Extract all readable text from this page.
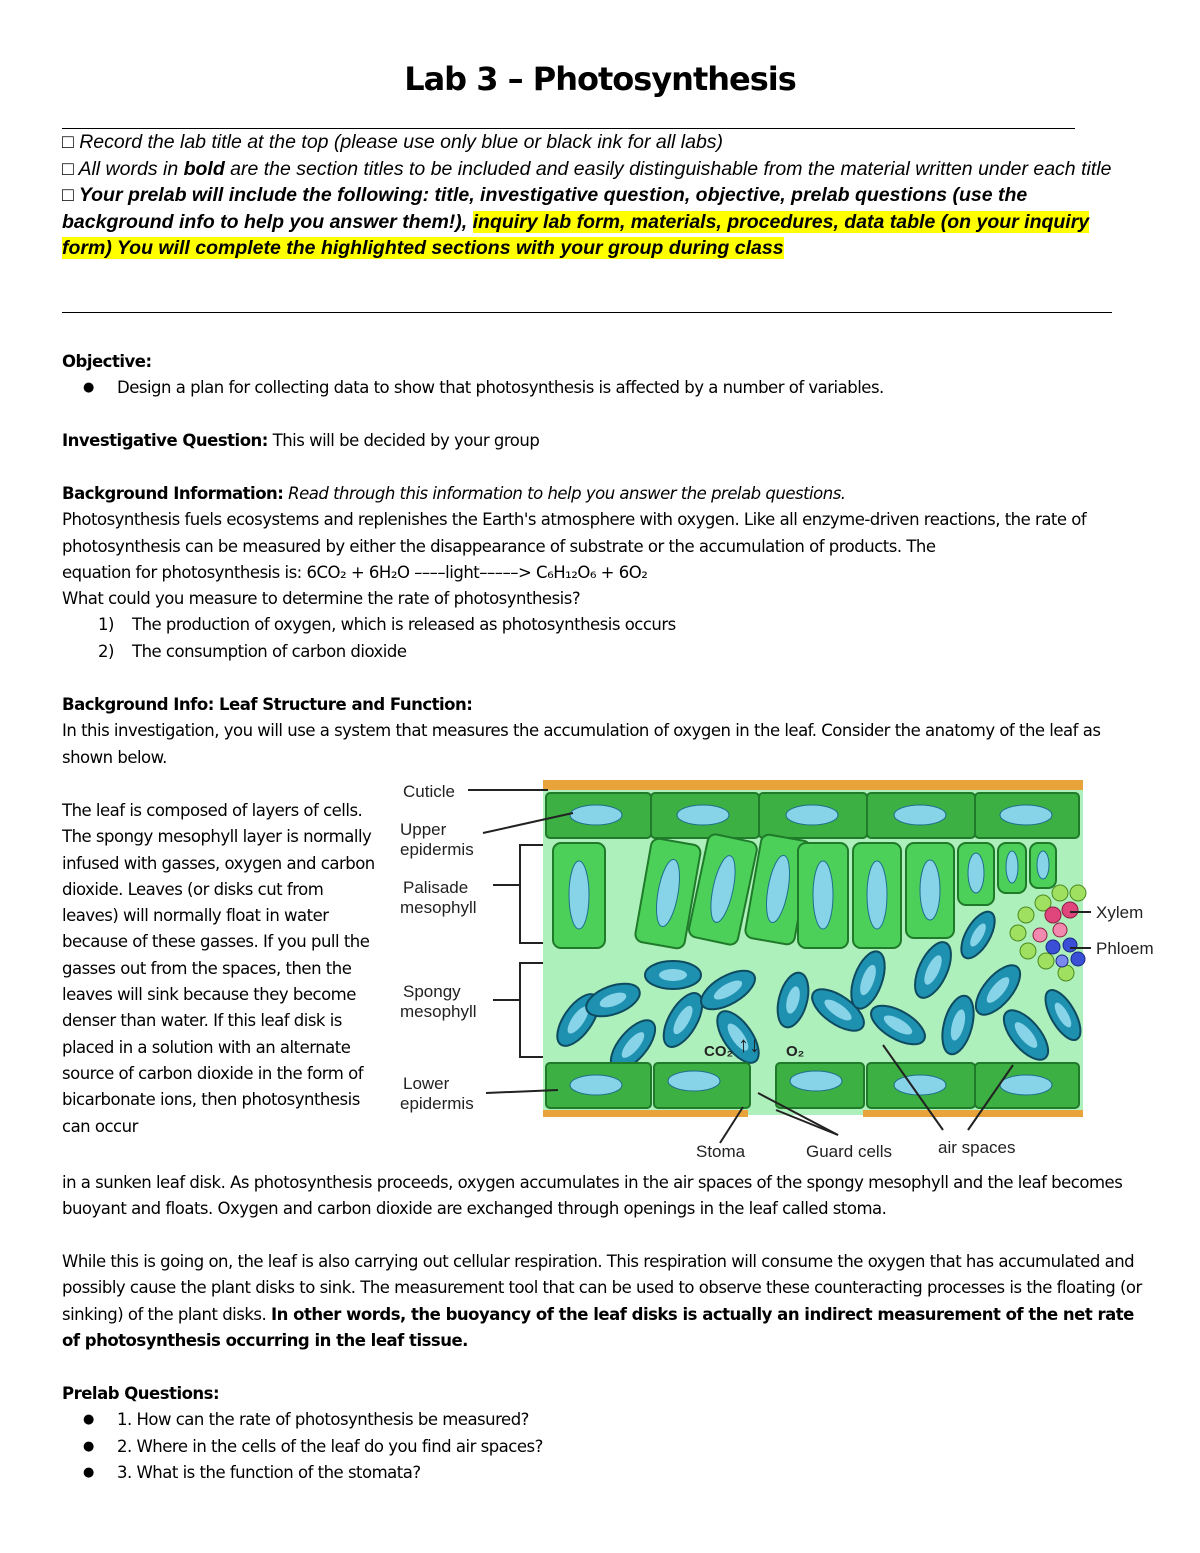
Lab 3 – Photosynthesis

□ Record the lab title at the top (please use only blue or black ink for all labs)

□ All words in bold are the section titles to be included and easily distinguishable from the material written under each title

□ Your prelab will include the following: title, investigative question, objective, prelab questions (use the background info to help you answer them!), inquiry lab form, materials, procedures, data table (on your inquiry form) You will complete the highlighted sections with your group during class

Objective:

● Design a plan for collecting data to show that photosynthesis is affected by a number of variables.

Investigative Question: This will be decided by your group

Background Information: Read through this information to help you answer the prelab questions.

Photosynthesis fuels ecosystems and replenishes the Earth's atmosphere with oxygen. Like all enzyme-driven reactions, the rate of photosynthesis can be measured by either the disappearance of substrate or the accumulation of products. The

equation for photosynthesis is: 6CO₂ + 6H₂O ––––light–––––> C₆H₁₂O₆ + 6O₂

What could you measure to determine the rate of photosynthesis?

1) The production of oxygen, which is released as photosynthesis occurs
2) The consumption of carbon dioxide

Background Info: Leaf Structure and Function:

In this investigation, you will use a system that measures the accumulation of oxygen in the leaf. Consider the anatomy of the leaf as shown below.

The leaf is composed of layers of cells. The spongy mesophyll layer is normally infused with gasses, oxygen and carbon dioxide. Leaves (or disks cut from leaves) will normally float in water because of these gasses. If you pull the gasses out from the spaces, then the leaves will sink because they become denser than water. If this leaf disk is placed in a solution with an alternate source of carbon dioxide in the form of bicarbonate ions, then photosynthesis can occur
↑↓
Cuticle
Upper
epidermis
Palisade
mesophyll
Spongy
mesophyll
Lower
epidermis
Xylem
Phloem
Stoma	Guard cells	air spaces
CO₂	O₂
in a sunken leaf disk. As photosynthesis proceeds, oxygen accumulates in the air spaces of the spongy mesophyll and the leaf becomes buoyant and floats. Oxygen and carbon dioxide are exchanged through openings in the leaf called stoma.

While this is going on, the leaf is also carrying out cellular respiration. This respiration will consume the oxygen that has accumulated and possibly cause the plant disks to sink. The measurement tool that can be used to observe these counteracting processes is the floating (or sinking) of the plant disks. In other words, the buoyancy of the leaf disks is actually an indirect measurement of the net rate of photosynthesis occurring in the leaf tissue.

Prelab Questions:

● 1. How can the rate of photosynthesis be measured?
● 2. Where in the cells of the leaf do you find air spaces?
● 3. What is the function of the stomata?
